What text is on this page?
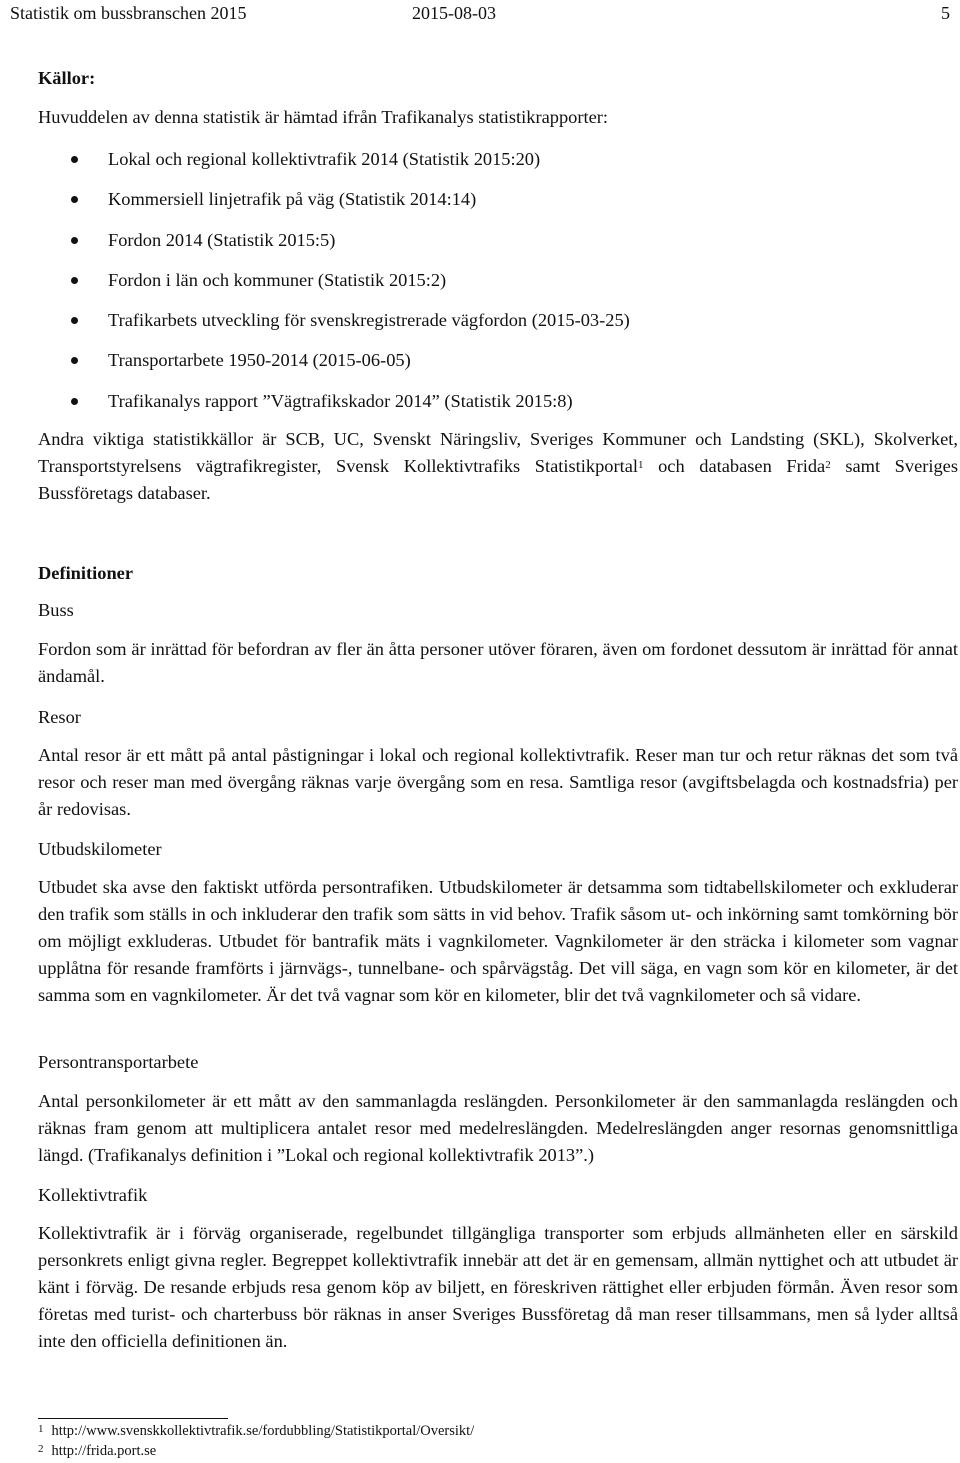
Statistik om bussbranschen 2015	2015-08-03	5
Källor:
Huvuddelen av denna statistik är hämtad ifrån Trafikanalys statistikrapporter:
Lokal och regional kollektivtrafik 2014 (Statistik 2015:20)
Kommersiell linjetrafik på väg (Statistik 2014:14)
Fordon 2014 (Statistik 2015:5)
Fordon i län och kommuner (Statistik 2015:2)
Trafikarbets utveckling för svenskregistrerade vägfordon (2015-03-25)
Transportarbete 1950-2014 (2015-06-05)
Trafikanalys rapport ”Vägtrafikskador 2014” (Statistik 2015:8)

Andra viktiga statistikkällor är SCB, UC, Svenskt Näringsliv, Sveriges Kommuner och Landsting (SKL), Skolverket, Transportstyrelsens vägtrafikregister, Svensk Kollektivtrafiks Statistikportal$^1$ och databasen Frida$^2$ samt Sveriges Bussföretags databaser.

Definitioner
Buss

Fordon som är inrättad för befordran av fler än åtta personer utöver föraren, även om fordonet dessutom är inrättad för annat ändamål.

Resor

Antal resor är ett mått på antal påstigningar i lokal och regional kollektivtrafik. Reser man tur och retur räknas det som två resor och reser man med övergång räknas varje övergång som en resa. Samtliga resor (avgiftsbelagda och kostnadsfria) per år redovisas.

Utbudskilometer

Utbudet ska avse den faktiskt utförda persontrafiken. Utbudskilometer är detsamma som tidtabellskilometer och exkluderar den trafik som ställs in och inkluderar den trafik som sätts in vid behov. Trafik såsom ut- och inkörning samt tomkörning bör om möjligt exkluderas. Utbudet för bantrafik mäts i vagnkilometer. Vagnkilometer är den sträcka i kilometer som vagnar upplåtna för resande framförts i järnvägs-, tunnelbane- och spårvägståg. Det vill säga, en vagn som kör en kilometer, är det samma som en vagnkilometer. Är det två vagnar som kör en kilometer, blir det två vagnkilometer och så vidare.

Persontransportarbete

Antal personkilometer är ett mått av den sammanlagda reslängden. Personkilometer är den sammanlagda reslängden och räknas fram genom att multiplicera antalet resor med medelreslängden. Medelreslängden anger resornas genomsnittliga längd. (Trafikanalys definition i ”Lokal och regional kollektivtrafik 2013”.)

Kollektivtrafik

Kollektivtrafik är i förväg organiserade, regelbundet tillgängliga transporter som erbjuds allmänheten eller en särskild personkrets enligt givna regler. Begreppet kollektivtrafik innebär att det är en gemensam, allmän nyttighet och att utbudet är känt i förväg. De resande erbjuds resa genom köp av biljett, en föreskriven rättighet eller erbjuden förmån. Även resor som företas med turist- och charterbuss bör räknas in anser Sveriges Bussföretag då man reser tillsammans, men så lyder alltså inte den officiella definitionen än.

$^1$ http://www.svenskkollektivtrafik.se/fordubbling/Statistikportal/Oversikt/
$^2$ http://frida.port.se
